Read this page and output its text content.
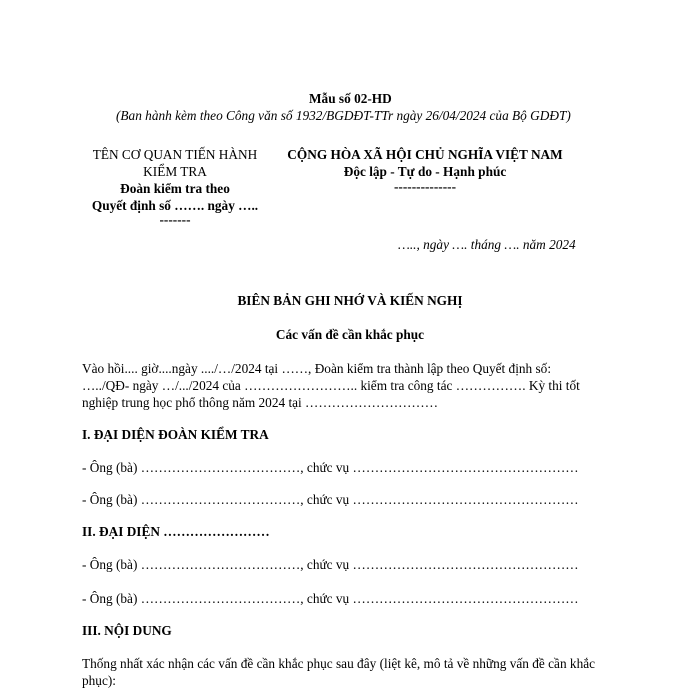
Mẫu số 02-HD
(Ban hành kèm theo Công văn số 1932/BGDĐT-TTr ngày 26/04/2024 của Bộ GDĐT)
TÊN CƠ QUAN TIẾN HÀNH
KIỂM TRA
Đoàn kiểm tra theo
Quyết định số ……. ngày …..
-------
CỘNG HÒA XÃ HỘI CHỦ NGHĨA VIỆT NAM
Độc lập - Tự do - Hạnh phúc
--------------
….., ngày …. tháng …. năm 2024
BIÊN BẢN GHI NHỚ VÀ KIẾN NGHỊ
Các vấn đề cần khắc phục
Vào hồi.... giờ....ngày ..../…/2024 tại ……, Đoàn kiểm tra thành lập theo Quyết định số:
…../QĐ- ngày …/.../2024 của …………………….. kiểm tra công tác ……………. Kỳ thi tốt
nghiệp trung học phổ thông năm 2024 tại …………………………
I. ĐẠI DIỆN ĐOÀN KIỂM TRA
- Ông (bà) ………………………………, chức vụ ……………………………………………
- Ông (bà) ………………………………, chức vụ ……………………………………………
II. ĐẠI DIỆN ……………………
- Ông (bà) ………………………………, chức vụ ……………………………………………
- Ông (bà) ………………………………, chức vụ ……………………………………………
III. NỘI DUNG
Thống nhất xác nhận các vấn đề cần khắc phục sau đây (liệt kê, mô tả về những vấn đề cần khắc
phục):
